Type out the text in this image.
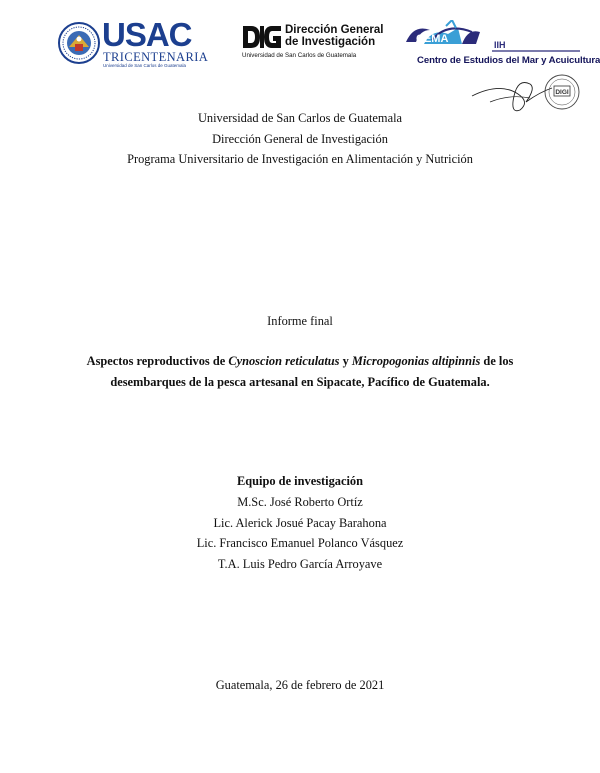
USAC
TRICENTENARIA
Universidad de San Carlos de Guatemala
Dirección General
de Investigación
Universidad de San Carlos de Guatemala
CEMA	IIH
Centro de Estudios del Mar y Acuicultura
DIGI
Universidad de San Carlos de Guatemala
Dirección General de Investigación
Programa Universitario de Investigación en Alimentación y Nutrición
Informe final
Aspectos reproductivos de Cynoscion reticulatus y Micropogonias altipinnis de los
desembarques de la pesca artesanal en Sipacate, Pacífico de Guatemala.
Equipo de investigación
M.Sc. José Roberto Ortíz
Lic. Alerick Josué Pacay Barahona
Lic. Francisco Emanuel Polanco Vásquez
T.A. Luis Pedro García Arroyave
Guatemala, 26 de febrero de 2021
